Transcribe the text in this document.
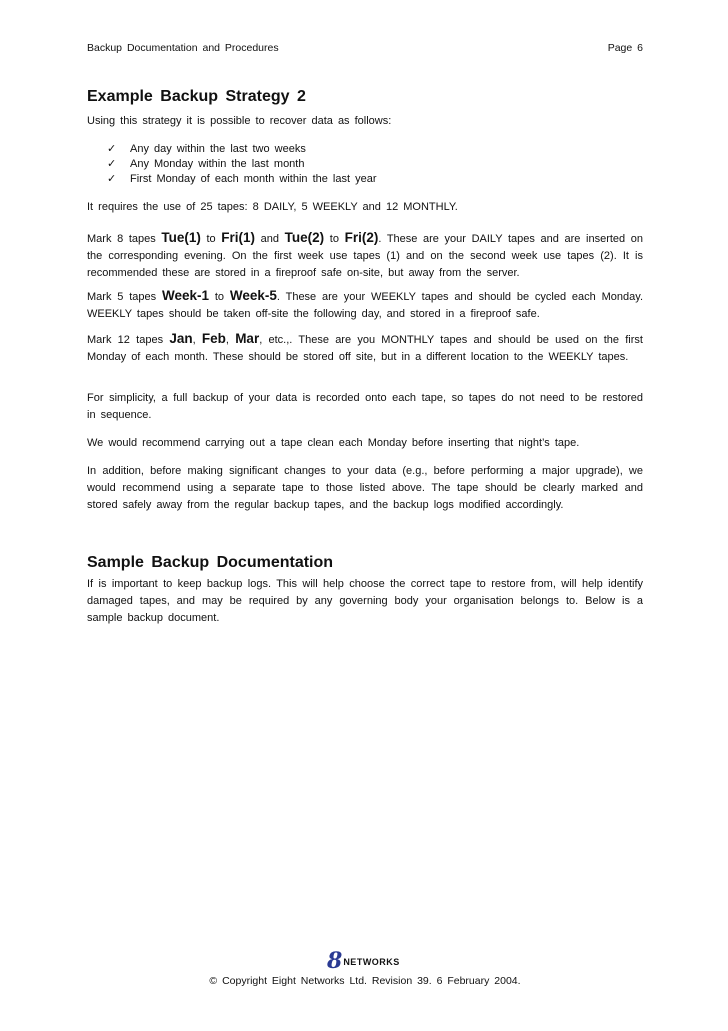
Backup Documentation and Procedures	Page 6
Example Backup Strategy 2

Using this strategy it is possible to recover data as follows:

✓	Any day within the last two weeks
✓	Any Monday within the last month
✓	First Monday of each month within the last year

It requires the use of 25 tapes: 8 DAILY, 5 WEEKLY and 12 MONTHLY.

Mark 8 tapes Tue(1) to Fri(1) and Tue(2) to Fri(2). These are your DAILY tapes and are inserted on the corresponding evening. On the first week use tapes (1) and on the second week use tapes (2). It is recommended these are stored in a fireproof safe on-site, but away from the server.

Mark 5 tapes Week-1 to Week-5. These are your WEEKLY tapes and should be cycled each Monday. WEEKLY tapes should be taken off-site the following day, and stored in a fireproof safe.

Mark 12 tapes Jan, Feb, Mar, etc.,. These are you MONTHLY tapes and should be used on the first Monday of each month. These should be stored off site, but in a different location to the WEEKLY tapes.

For simplicity, a full backup of your data is recorded onto each tape, so tapes do not need to be restored in sequence.

We would recommend carrying out a tape clean each Monday before inserting that night’s tape.

In addition, before making significant changes to your data (e.g., before performing a major upgrade), we would recommend using a separate tape to those listed above. The tape should be clearly marked and stored safely away from the regular backup tapes, and the backup logs modified accordingly.

Sample Backup Documentation

If is important to keep backup logs. This will help choose the correct tape to restore from, will help identify damaged tapes, and may be required by any governing body your organisation belongs to. Below is a sample backup document.

8 NETWORKS
© Copyright Eight Networks Ltd. Revision 39. 6 February 2004.
